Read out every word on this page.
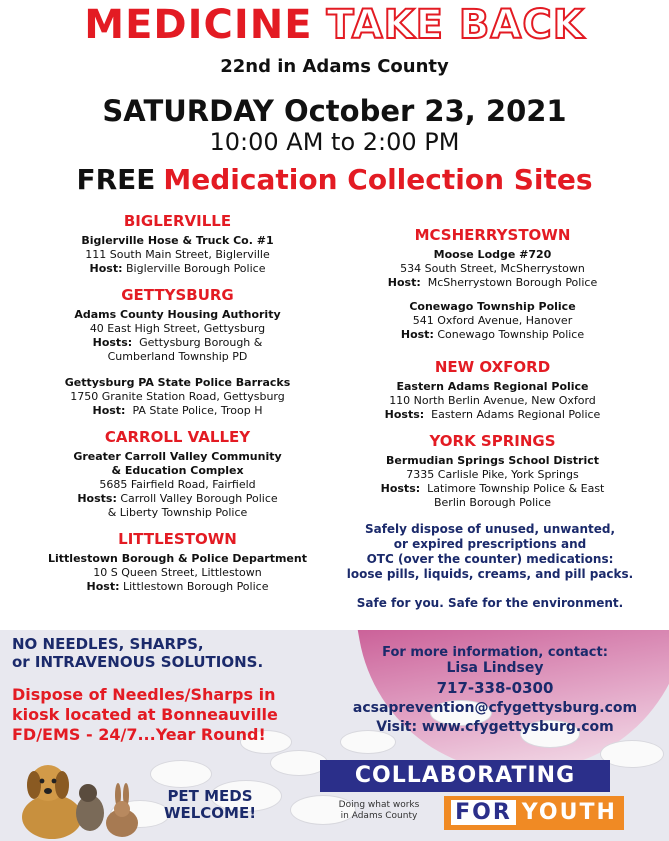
MEDICINE TAKE BACK
22nd in Adams County
SATURDAY October 23, 2021
10:00 AM to 2:00 PM
FREE Medication Collection Sites
BIGLERVILLE
Biglerville Hose & Truck Co. #1
111 South Main Street, Biglerville
Host: Biglerville Borough Police
GETTYSBURG
Adams County Housing Authority
40 East High Street, Gettysburg
Hosts: Gettysburg Borough &
Cumberland Township PD
Gettysburg PA State Police Barracks
1750 Granite Station Road, Gettysburg
Host: PA State Police, Troop H
CARROLL VALLEY
Greater Carroll Valley Community
& Education Complex
5685 Fairfield Road, Fairfield
Hosts: Carroll Valley Borough Police
& Liberty Township Police
LITTLESTOWN
Littlestown Borough & Police Department
10 S Queen Street, Littlestown
Host: Littlestown Borough Police
MCSHERRYSTOWN
Moose Lodge #720
534 South Street, McSherrystown
Host: McSherrystown Borough Police
Conewago Township Police
541 Oxford Avenue, Hanover
Host: Conewago Township Police
NEW OXFORD
Eastern Adams Regional Police
110 North Berlin Avenue, New Oxford
Hosts: Eastern Adams Regional Police
YORK SPRINGS
Bermudian Springs School District
7335 Carlisle Pike, York Springs
Hosts: Latimore Township Police & East
Berlin Borough Police
Safely dispose of unused, unwanted,
or expired prescriptions and
OTC (over the counter) medications:
loose pills, liquids, creams, and pill packs.
Safe for you. Safe for the environment.
NO NEEDLES, SHARPS,
or INTRAVENOUS SOLUTIONS.
Dispose of Needles/Sharps in
kiosk located at Bonneauville
FD/EMS - 24/7...Year Round!
For more information, contact:
Lisa Lindsey
717-338-0300
acsaprevention@cfygettysburg.com
Visit: www.cfygettysburg.com
PET MEDS
WELCOME!
COLLABORATING
Doing what works
in Adams County	FOR YOUTH
